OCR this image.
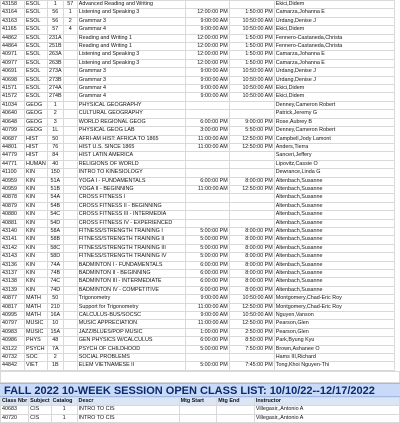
43158	ESOL	1	57	Advanced Reading and Writing			Ekici,Didem
43164	ESOL	56	1	Listening and Speaking 3	12:00:00 PM	1:50:00 PM	Camarza,Johanna E
43163	ESOL	56	2	Grammar 3	9:00:00 AM	10:50:00 AM	Urdang,Denise J
41165	ESOL	57	4	Grammar 4	9:00:00 AM	10:50:00 AM	Ekici,Didem
44862	ESOL	231A		Reading and Writing 1	12:00:00 PM	1:50:00 PM	Fennero-Castaneda,Christa
44864	ESOL	251B		Reading and Writing 1	12:00:00 PM	1:50:00 PM	Fennero-Castaneda,Christa
40971	ESOL	263A		Listening and Speaking 3	12:00:00 PM	1:50:00 PM	Camarza,Johanna E
40977	ESOL	263B		Listening and Speaking 3	12:00:00 PM	1:50:00 PM	Camarza,Johanna E
40691	ESOL	273A		Grammar 3	9:00:00 AM	10:50:00 AM	Urdang,Denise J
40698	ESOL	273B		Grammar 3	9:00:00 AM	10:50:00 AM	Urdang,Denise J
41571	ESOL	274A		Grammar 4	9:00:00 AM	10:50:00 AM	Ekici,Didem
41572	ESOL	274B		Grammar 4	9:00:00 AM	10:50:00 AM	Ekici,Didem
41034	GEOG	1		PHYSICAL GEOGRAPHY			Denney,Cameron Robert
40640	GEOG	2		CULTURAL GEOGRAPHY			Patrick,Jeremy G
40648	GEOG	3		WORLD REGIONAL GEOG	6:00:00 PM	9:00:00 PM	Rose,Aubrey B
40799	GEOG	1L		PHYSICAL GEOG LAB	3:00:00 PM	5:50:00 PM	Denney,Cameron Robert
40687	HIST	50		AFRI-AM HIST: AFRICA TO 1865	11:00:00 AM	12:50:00 PM	Campbell,Jody Lamont
44801	HIST	76		HIST U.S. SINCE 1865	11:00:00 AM	12:50:00 PM	Anders,Tierra
44779	HIST	84		HIST LATIN AMERICA			Sanceri,Jeffery
44771	HUMAN	40		RELIGIONS OF WORLD			Lipovitz,Cassie O
41100	KIN	150		INTRO TO KINESIOLOGY			Dewrance,Linda G
40959	KIN	51A		YOGA I - FUNDAMENTALS	6:00:00 PM	8:00:00 PM	Altenbach,Susanne
40959	KIN	51B		YOGA II - BEGINNING	11:00:00 AM	12:50:00 PM	Altenbach,Susanne
40878	KIN	54A		CROSS FITNESS I			Altenbach,Susanne
40879	KIN	54B		CROSS FITNESS II - BEGINNING			Altenbach,Susanne
40880	KIN	54C		CROSS FITNESS III - INTERMEDIA			Altenbach,Susanne
40881	KIN	54D		CROSS FITNESS IV - EXPERIENCED			Altenbach,Susanne
43140	KIN	58A		FITNESS/STRENGTH TRAINING I	5:00:00 PM	8:00:00 PM	Altenbach,Susanne
43141	KIN	58B		FITNESS/STRENGTH TRAINING II	5:00:00 PM	8:00:00 PM	Altenbach,Susanne
43142	KIN	58C		FITNESS/STRENGTH TRAINING III	5:00:00 PM	8:00:00 PM	Altenbach,Susanne
43143	KIN	58D		FITNESS/STRENGTH TRAINING IV	5:00:00 PM	8:00:00 PM	Altenbach,Susanne
43136	KIN	74A		BADMINTON I - FUNDAMENTALS	6:00:00 PM	8:00:00 PM	Altenbach,Susanne
43137	KIN	74B		BADMINTON II - BEGINNING	6:00:00 PM	8:00:00 PM	Altenbach,Susanne
43138	KIN	74C		BADMINTON III - INTERMEDIATE	6:00:00 PM	8:00:00 PM	Altenbach,Susanne
43139	KIN	74D		BADMINTON IV - COMPETITIVE	6:00:00 PM	8:00:00 PM	Altenbach,Susanne
40877	MATH	50		Trigonometry	9:00:00 AM	10:50:00 AM	Montgomery,Chad-Eric Roy
40817	MATH	210		Support for Trigonometry	11:00:00 AM	12:50:00 PM	Montgomery,Chad-Eric Roy
40995	MATH	16A		CALCULUS-BUS/SOCSC	9:00:00 AM	10:50:00 AM	Nguyen,Vanson
40797	MUSIC	10		MUSIC APPRECIATION	11:00:00 AM	12:50:00 PM	Pearson,Glen
40983	MUSIC	15A		JAZZ/BLUES/POP MUSIC	1:00:00 PM	2:50:00 PM	Pearson,Glen
40986	PHYS	48		GEN PHYSICS W/CALCULUS	6:00:00 PM	8:50:00 PM	Park,Byung Kyu
43122	PSYCH	7A		PSYCH OF CHILDHOOD	5:00:00 PM	7:50:00 PM	Brown,Ashanee O
40732	SOC	2		SOCIAL PROBLEMS			Hams III,Richard
44842	VIET	1B		ELEM VIETNAMESE II	5:00:00 PM	7:45:00 PM	Tong,Khoi Nguyen-Thi
FALL 2022 10-WEEK SESSION OPEN CLASS LIST: 10/10/22--12/17/2022
Class Nbr	Subject	Catalog	Descr	Mtg Start	Mtg End	Instructor
40683	CIS	1	INTRO TO CIS			Villegasir,,Antonio A
40720	CIS	1	INTRO TO CIS			Villegasir,,Antonio A
